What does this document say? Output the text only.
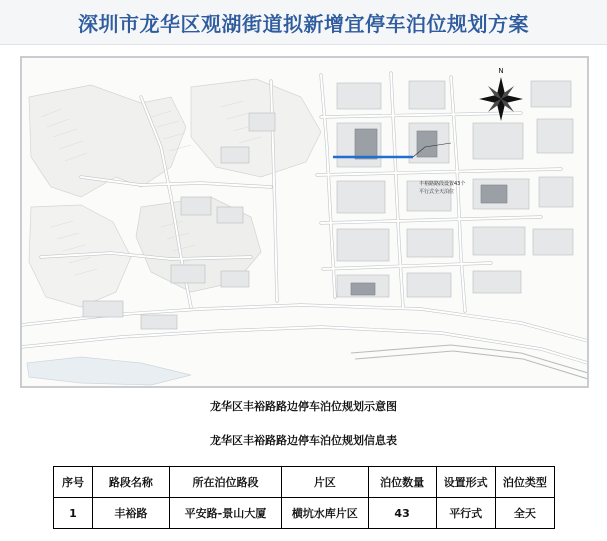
深圳市龙华区观湖街道拟新增宜停车泊位规划方案
N
丰裕路路段设置43个
平行式全天泊位
龙华区丰裕路路边停车泊位规划示意图
龙华区丰裕路路边停车泊位规划信息表
序号	路段名称	所在泊位路段	片区	泊位数量	设置形式	泊位类型
1	丰裕路	平安路-景山大厦	横坑水库片区	43	平行式	全天
